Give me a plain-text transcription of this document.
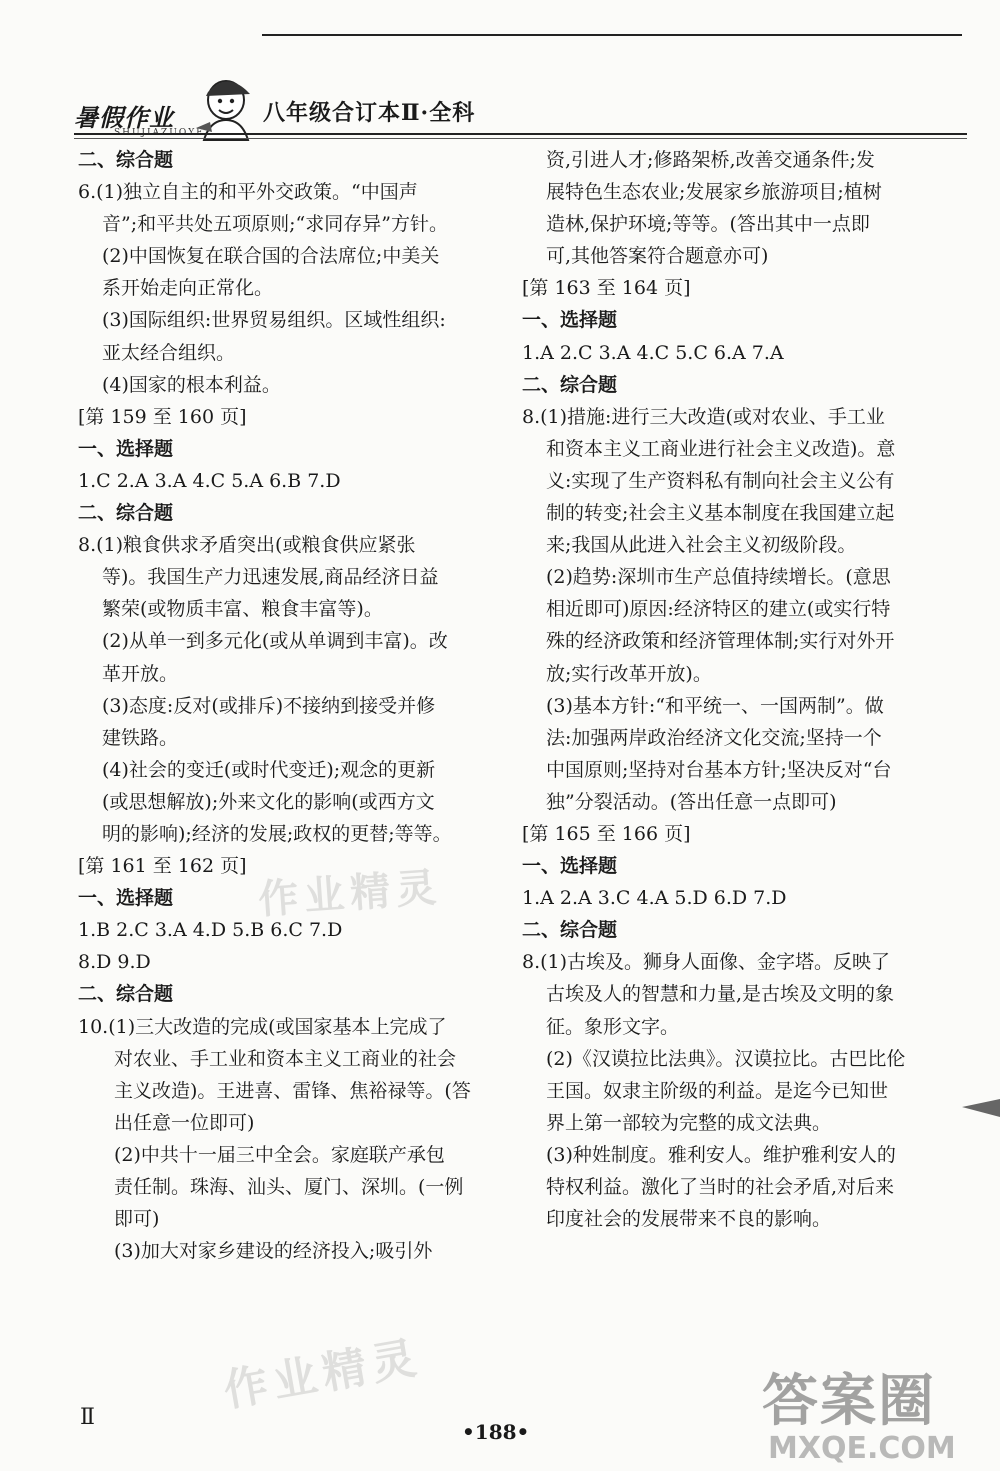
暑假作业	八年级合订本Ⅱ·全科

二、综合题

6.(1)独立自主的和平外交政策。“中国声

音”;和平共处五项原则;“求同存异”方针。

(2)中国恢复在联合国的合法席位;中美关

系开始走向正常化。

(3)国际组织:世界贸易组织。区域性组织:

亚太经合组织。

(4)国家的根本利益。

[第 159 至 160 页]

一、选择题

1.C 2.A 3.A 4.C 5.A 6.B 7.D

二、综合题

8.(1)粮食供求矛盾突出(或粮食供应紧张

等)。我国生产力迅速发展,商品经济日益

繁荣(或物质丰富、粮食丰富等)。

(2)从单一到多元化(或从单调到丰富)。改

革开放。

(3)态度:反对(或排斥)不接纳到接受并修

建铁路。

(4)社会的变迁(或时代变迁);观念的更新

(或思想解放);外来文化的影响(或西方文

明的影响);经济的发展;政权的更替;等等。

[第 161 至 162 页]

一、选择题

1.B 2.C 3.A 4.D 5.B 6.C 7.D

8.D 9.D

二、综合题

10.(1)三大改造的完成(或国家基本上完成了

对农业、手工业和资本主义工商业的社会

主义改造)。王进喜、雷锋、焦裕禄等。(答

出任意一位即可)

(2)中共十一届三中全会。家庭联产承包

责任制。珠海、汕头、厦门、深圳。(一例

即可)

(3)加大对家乡建设的经济投入;吸引外

资,引进人才;修路架桥,改善交通条件;发

展特色生态农业;发展家乡旅游项目;植树

造林,保护环境;等等。(答出其中一点即

可,其他答案符合题意亦可)

[第 163 至 164 页]

一、选择题

1.A 2.C 3.A 4.C 5.C 6.A 7.A

二、综合题

8.(1)措施:进行三大改造(或对农业、手工业

和资本主义工商业进行社会主义改造)。意

义:实现了生产资料私有制向社会主义公有

制的转变;社会主义基本制度在我国建立起

来;我国从此进入社会主义初级阶段。

(2)趋势:深圳市生产总值持续增长。(意思

相近即可)原因:经济特区的建立(或实行特

殊的经济政策和经济管理体制;实行对外开

放;实行改革开放)。

(3)基本方针:“和平统一、一国两制”。做

法:加强两岸政治经济文化交流;坚持一个

中国原则;坚持对台基本方针;坚决反对“台

独”分裂活动。(答出任意一点即可)

[第 165 至 166 页]

一、选择题

1.A 2.A 3.C 4.A 5.D 6.D 7.D

二、综合题

8.(1)古埃及。狮身人面像、金字塔。反映了

古埃及人的智慧和力量,是古埃及文明的象

征。象形文字。

(2)《汉谟拉比法典》。汉谟拉比。古巴比伦

王国。奴隶主阶级的利益。是迄今已知世

界上第一部较为完整的成文法典。

(3)种姓制度。雅利安人。维护雅利安人的

特权利益。激化了当时的社会矛盾,对后来

印度社会的发展带来不良的影响。

作业精灵
作业精灵
Ⅱ
•188•	答案圈
MXQE.COM
